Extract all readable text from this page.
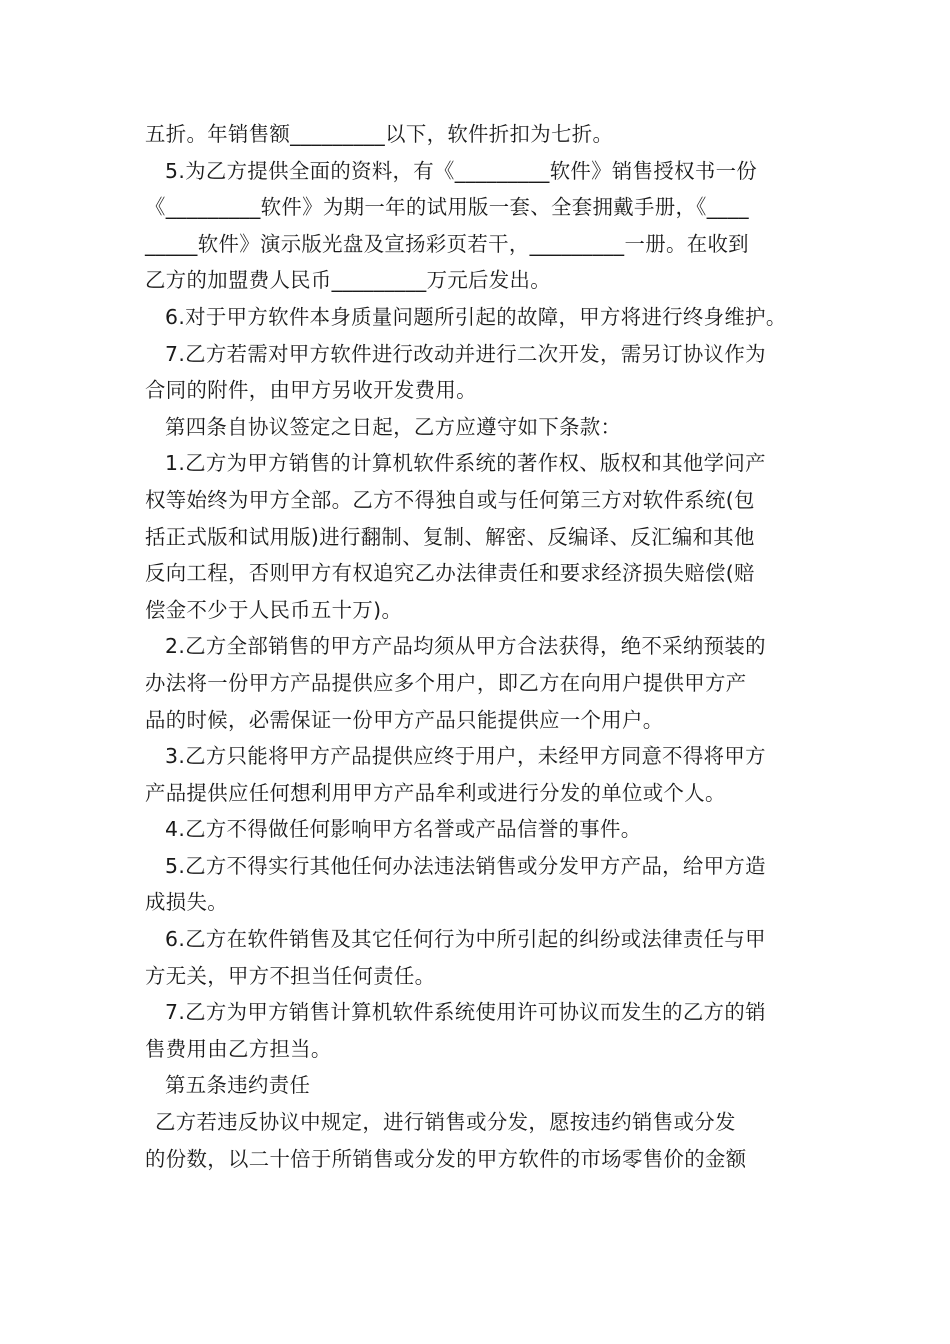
五折。年销售额_________以下，软件折扣为七折。
5.为乙方提供全面的资料，有《_________软件》销售授权书一份
《_________软件》为期一年的试用版一套、全套拥戴手册，《____
_____软件》演示版光盘及宣扬彩页若干，_________一册。在收到
乙方的加盟费人民币_________万元后发出。
6.对于甲方软件本身质量问题所引起的故障，甲方将进行终身维护。
7.乙方若需对甲方软件进行改动并进行二次开发，需另订协议作为
合同的附件，由甲方另收开发费用。
第四条自协议签定之日起，乙方应遵守如下条款：
1.乙方为甲方销售的计算机软件系统的著作权、版权和其他学问产
权等始终为甲方全部。乙方不得独自或与任何第三方对软件系统(包
括正式版和试用版)进行翻制、复制、解密、反编译、反汇编和其他
反向工程，否则甲方有权追究乙办法律责任和要求经济损失赔偿(赔
偿金不少于人民币五十万)。
2.乙方全部销售的甲方产品均须从甲方合法获得，绝不采纳预装的
办法将一份甲方产品提供应多个用户，即乙方在向用户提供甲方产
品的时候，必需保证一份甲方产品只能提供应一个用户。
3.乙方只能将甲方产品提供应终于用户，未经甲方同意不得将甲方
产品提供应任何想利用甲方产品牟利或进行分发的单位或个人。
4.乙方不得做任何影响甲方名誉或产品信誉的事件。
5.乙方不得实行其他任何办法违法销售或分发甲方产品，给甲方造
成损失。
6.乙方在软件销售及其它任何行为中所引起的纠纷或法律责任与甲
方无关，甲方不担当任何责任。
7.乙方为甲方销售计算机软件系统使用许可协议而发生的乙方的销
售费用由乙方担当。
第五条违约责任
乙方若违反协议中规定，进行销售或分发，愿按违约销售或分发
的份数，以二十倍于所销售或分发的甲方软件的市场零售价的金额
